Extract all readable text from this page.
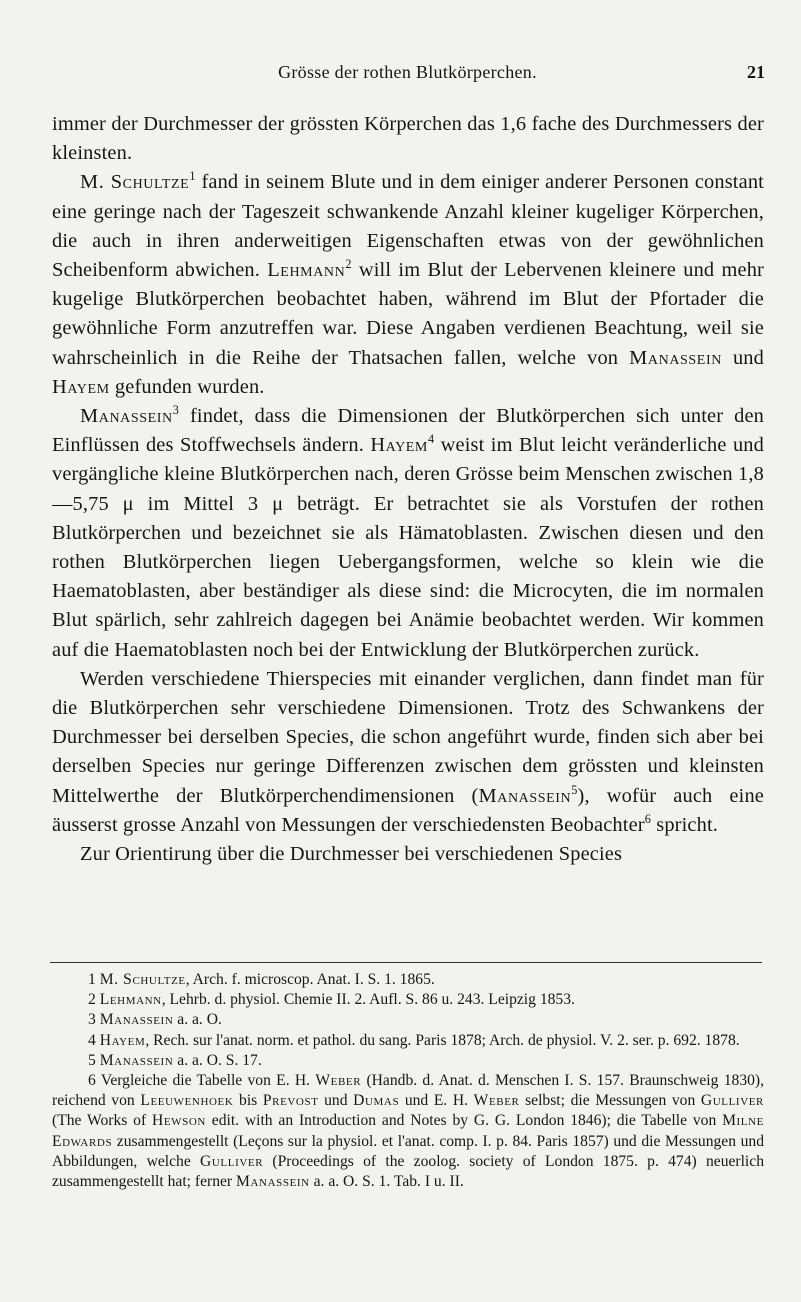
Grösse der rothen Blutkörperchen.	21

immer der Durchmesser der grössten Körperchen das 1,6 fache des Durchmessers der kleinsten.

M. Schultze$^1$ fand in seinem Blute und in dem einiger anderer Personen constant eine geringe nach der Tageszeit schwankende Anzahl kleiner kugeliger Körperchen, die auch in ihren anderweitigen Eigenschaften etwas von der gewöhnlichen Scheibenform abwichen. Lehmann$^2$ will im Blut der Lebervenen kleinere und mehr kugelige Blutkörperchen beobachtet haben, während im Blut der Pfortader die gewöhnliche Form anzutreffen war. Diese Angaben verdienen Beachtung, weil sie wahrscheinlich in die Reihe der Thatsachen fallen, welche von Manassein und Hayem gefunden wurden.

Manassein$^3$ findet, dass die Dimensionen der Blutkörperchen sich unter den Einflüssen des Stoffwechsels ändern. Hayem$^4$ weist im Blut leicht veränderliche und vergängliche kleine Blutkörperchen nach, deren Grösse beim Menschen zwischen 1,8—5,75 μ im Mittel 3 μ beträgt. Er betrachtet sie als Vorstufen der rothen Blutkörperchen und bezeichnet sie als Hämatoblasten. Zwischen diesen und den rothen Blutkörperchen liegen Uebergangsformen, welche so klein wie die Haematoblasten, aber beständiger als diese sind: die Microcyten, die im normalen Blut spärlich, sehr zahlreich dagegen bei Anämie beobachtet werden. Wir kommen auf die Haematoblasten noch bei der Entwicklung der Blutkörperchen zurück.

Werden verschiedene Thierspecies mit einander verglichen, dann findet man für die Blutkörperchen sehr verschiedene Dimensionen. Trotz des Schwankens der Durchmesser bei derselben Species, die schon angeführt wurde, finden sich aber bei derselben Species nur geringe Differenzen zwischen dem grössten und kleinsten Mittelwerthe der Blutkörperchendimensionen (Manassein$^5$), wofür auch eine äusserst grosse Anzahl von Messungen der verschiedensten Beobachter$^6$ spricht.

Zur Orientirung über die Durchmesser bei verschiedenen Species

1 M. Schultze, Arch. f. microscop. Anat. I. S. 1. 1865.

2 Lehmann, Lehrb. d. physiol. Chemie II. 2. Aufl. S. 86 u. 243. Leipzig 1853.

3 Manassein a. a. O.

4 Hayem, Rech. sur l'anat. norm. et pathol. du sang. Paris 1878; Arch. de physiol. V. 2. ser. p. 692. 1878.

5 Manassein a. a. O. S. 17.

6 Vergleiche die Tabelle von E. H. Weber (Handb. d. Anat. d. Menschen I. S. 157. Braunschweig 1830), reichend von Leeuwenhoek bis Prevost und Dumas und E. H. Weber selbst; die Messungen von Gulliver (The Works of Hewson edit. with an Introduction and Notes by G. G. London 1846); die Tabelle von Milne Edwards zusammengestellt (Leçons sur la physiol. et l'anat. comp. I. p. 84. Paris 1857) und die Messungen und Abbildungen, welche Gulliver (Proceedings of the zoolog. society of London 1875. p. 474) neuerlich zusammengestellt hat; ferner Manassein a. a. O. S. 1. Tab. I u. II.
